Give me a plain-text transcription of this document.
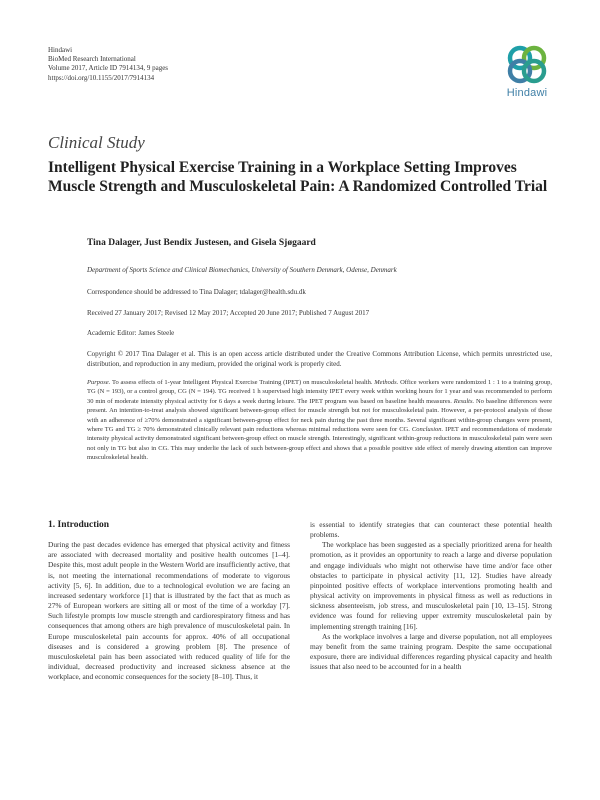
Hindawi
BioMed Research International
Volume 2017, Article ID 7914134, 9 pages
https://doi.org/10.1155/2017/7914134
Hindawi
Clinical Study
Intelligent Physical Exercise Training in a Workplace Setting Improves Muscle Strength and Musculoskeletal Pain: A Randomized Controlled Trial
Tina Dalager, Just Bendix Justesen, and Gisela Sjøgaard
Department of Sports Science and Clinical Biomechanics, University of Southern Denmark, Odense, Denmark
Correspondence should be addressed to Tina Dalager; tdalager@health.sdu.dk
Received 27 January 2017; Revised 12 May 2017; Accepted 20 June 2017; Published 7 August 2017
Academic Editor: James Steele
Copyright © 2017 Tina Dalager et al. This is an open access article distributed under the Creative Commons Attribution License, which permits unrestricted use, distribution, and reproduction in any medium, provided the original work is properly cited.

Purpose. To assess effects of 1-year Intelligent Physical Exercise Training (IPET) on musculoskeletal health. Methods. Office workers were randomized 1 : 1 to a training group, TG (N = 193), or a control group, CG (N = 194). TG received 1 h supervised high intensity IPET every week within working hours for 1 year and was recommended to perform 30 min of moderate intensity physical activity for 6 days a week during leisure. The IPET program was based on baseline health measures. Results. No baseline differences were present. An intention-to-treat analysis showed significant between-group effect for muscle strength but not for musculoskeletal pain. However, a per-protocol analysis of those with an adherence of ≥70% demonstrated a significant between-group effect for neck pain during the past three months. Several significant within-group changes were present, where TG and TG ≥ 70% demonstrated clinically relevant pain reductions whereas minimal reductions were seen for CG. Conclusion. IPET and recommendations of moderate intensity physical activity demonstrated significant between-group effect on muscle strength. Interestingly, significant within-group reductions in musculoskeletal pain were seen not only in TG but also in CG. This may underlie the lack of such between-group effect and shows that a possible positive side effect of merely drawing attention can improve musculoskeletal health.

1. Introduction

During the past decades evidence has emerged that physical activity and fitness are associated with decreased mortality and positive health outcomes [1–4]. Despite this, most adult people in the Western World are insufficiently active, that is, not meeting the international recommendations of moderate to vigorous activity [5, 6]. In addition, due to a technological evolution we are facing an increased sedentary workforce [1] that is illustrated by the fact that as much as 27% of European workers are sitting all or most of the time of a workday [7]. Such lifestyle prompts low muscle strength and cardiorespiratory fitness and has consequences that among others are high prevalence of musculoskeletal pain. In Europe musculoskeletal pain accounts for approx. 40% of all occupational diseases and is considered a growing problem [8]. The presence of musculoskeletal pain has been associated with reduced quality of life for the individual, decreased productivity and increased sickness absence at the workplace, and economic consequences for the society [8–10]. Thus, it

is essential to identify strategies that can counteract these potential health problems.

The workplace has been suggested as a specially prioritized arena for health promotion, as it provides an opportunity to reach a large and diverse population and engage individuals who might not otherwise have time and/or face other obstacles to participate in physical activity [11, 12]. Studies have already pinpointed positive effects of workplace interventions promoting health and physical activity on improvements in physical fitness as well as reductions in sickness absenteeism, job stress, and musculoskeletal pain [10, 13–15]. Strong evidence was found for relieving upper extremity musculoskeletal pain by implementing strength training [16].

As the workplace involves a large and diverse population, not all employees may benefit from the same training program. Despite the same occupational exposure, there are individual differences regarding physical capacity and health issues that also need to be accounted for in a health
